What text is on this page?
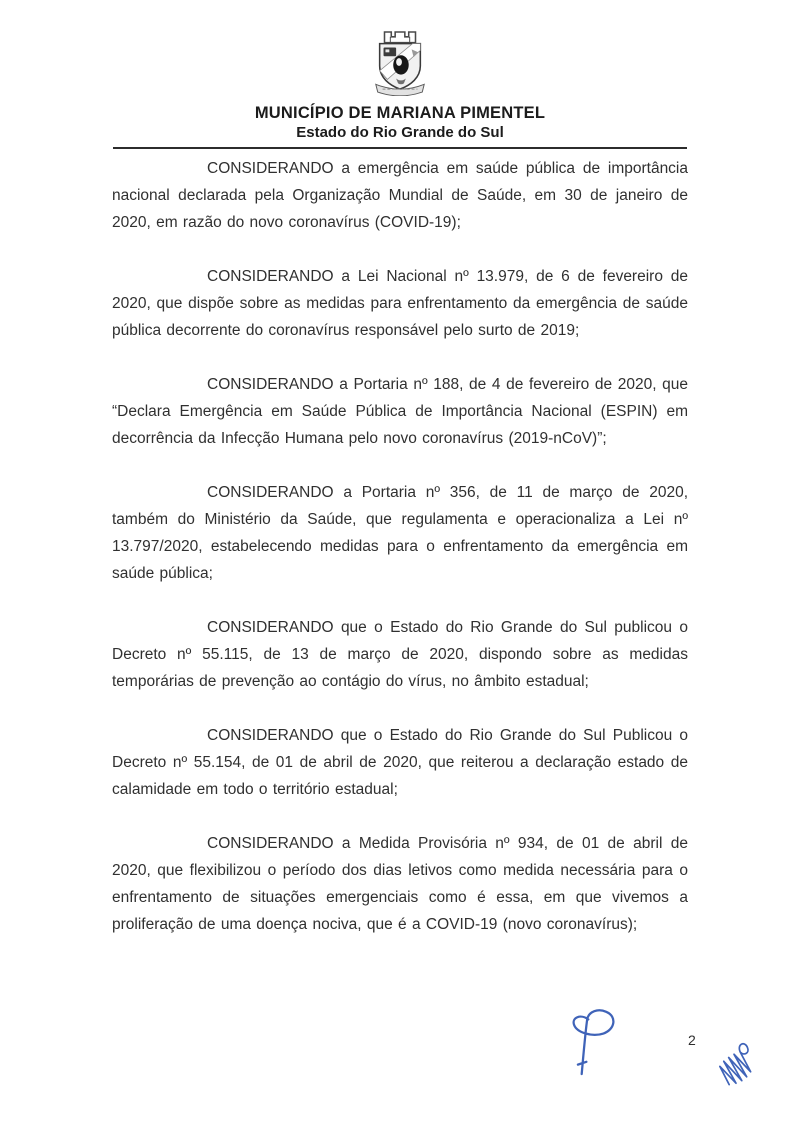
MUNICÍPIO DE MARIANA PIMENTEL
Estado do Rio Grande do Sul

CONSIDERANDO a emergência em saúde pública de importância nacional declarada pela Organização Mundial de Saúde, em 30 de janeiro de 2020, em razão do novo coronavírus (COVID-19);

CONSIDERANDO a Lei Nacional nº 13.979, de 6 de fevereiro de 2020, que dispõe sobre as medidas para enfrentamento da emergência de saúde pública decorrente do coronavírus responsável pelo surto de 2019;

CONSIDERANDO a Portaria nº 188, de 4 de fevereiro de 2020, que “Declara Emergência em Saúde Pública de Importância Nacional (ESPIN) em decorrência da Infecção Humana pelo novo coronavírus (2019-nCoV)”;

CONSIDERANDO a Portaria nº 356, de 11 de março de 2020, também do Ministério da Saúde, que regulamenta e operacionaliza a Lei nº 13.797/2020, estabelecendo medidas para o enfrentamento da emergência em saúde pública;

CONSIDERANDO que o Estado do Rio Grande do Sul publicou o Decreto nº 55.115, de 13 de março de 2020, dispondo sobre as medidas temporárias de prevenção ao contágio do vírus, no âmbito estadual;

CONSIDERANDO que o Estado do Rio Grande do Sul Publicou o Decreto nº 55.154, de 01 de abril de 2020, que reiterou a declaração estado de calamidade em todo o território estadual;

CONSIDERANDO a Medida Provisória nº 934, de 01 de abril de 2020, que flexibilizou o período dos dias letivos como medida necessária para o enfrentamento de situações emergenciais como é essa, em que vivemos a proliferação de uma doença nociva, que é a COVID-19 (novo coronavírus);

2
